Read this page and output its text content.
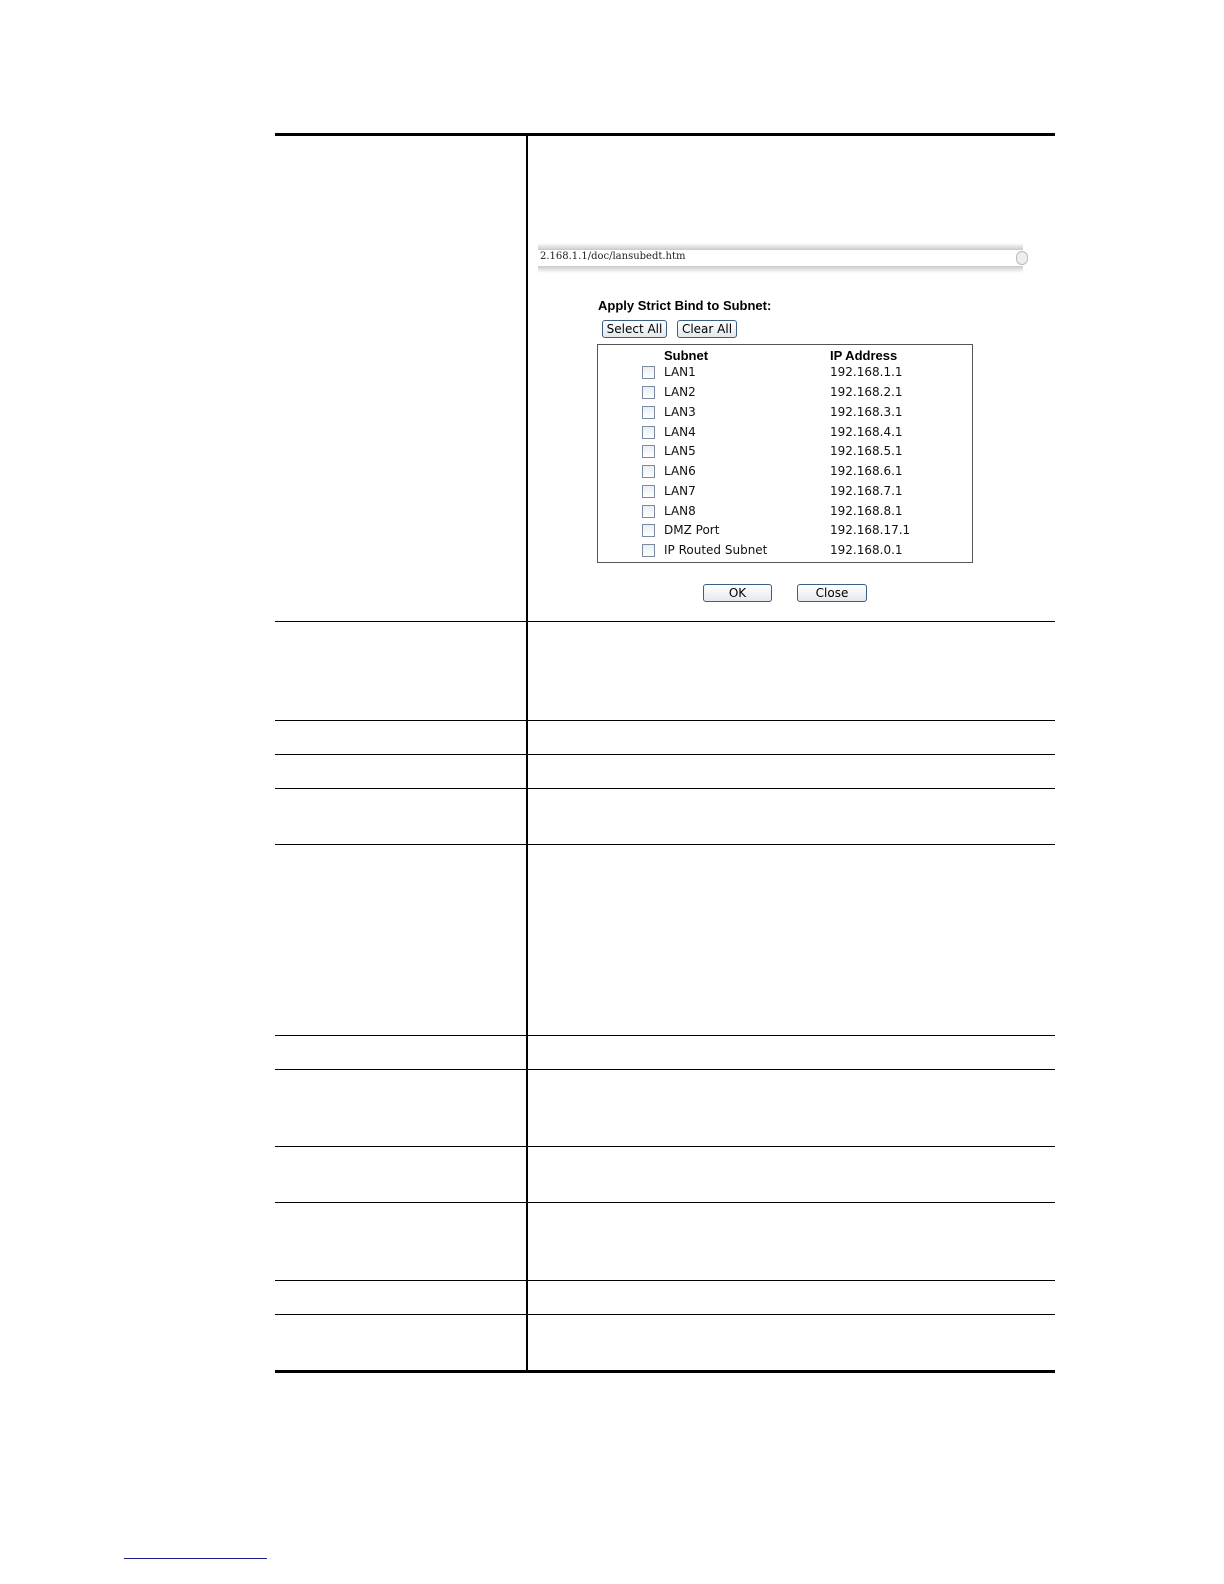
2.168.1.1/doc/lansubedt.htm
Apply Strict Bind to Subnet:
Select All	Clear All
Subnet	IP Address
LAN1	192.168.1.1
LAN2	192.168.2.1
LAN3	192.168.3.1
LAN4	192.168.4.1
LAN5	192.168.5.1
LAN6	192.168.6.1
LAN7	192.168.7.1
LAN8	192.168.8.1
DMZ Port	192.168.17.1
IP Routed Subnet	192.168.0.1
OK	Close
